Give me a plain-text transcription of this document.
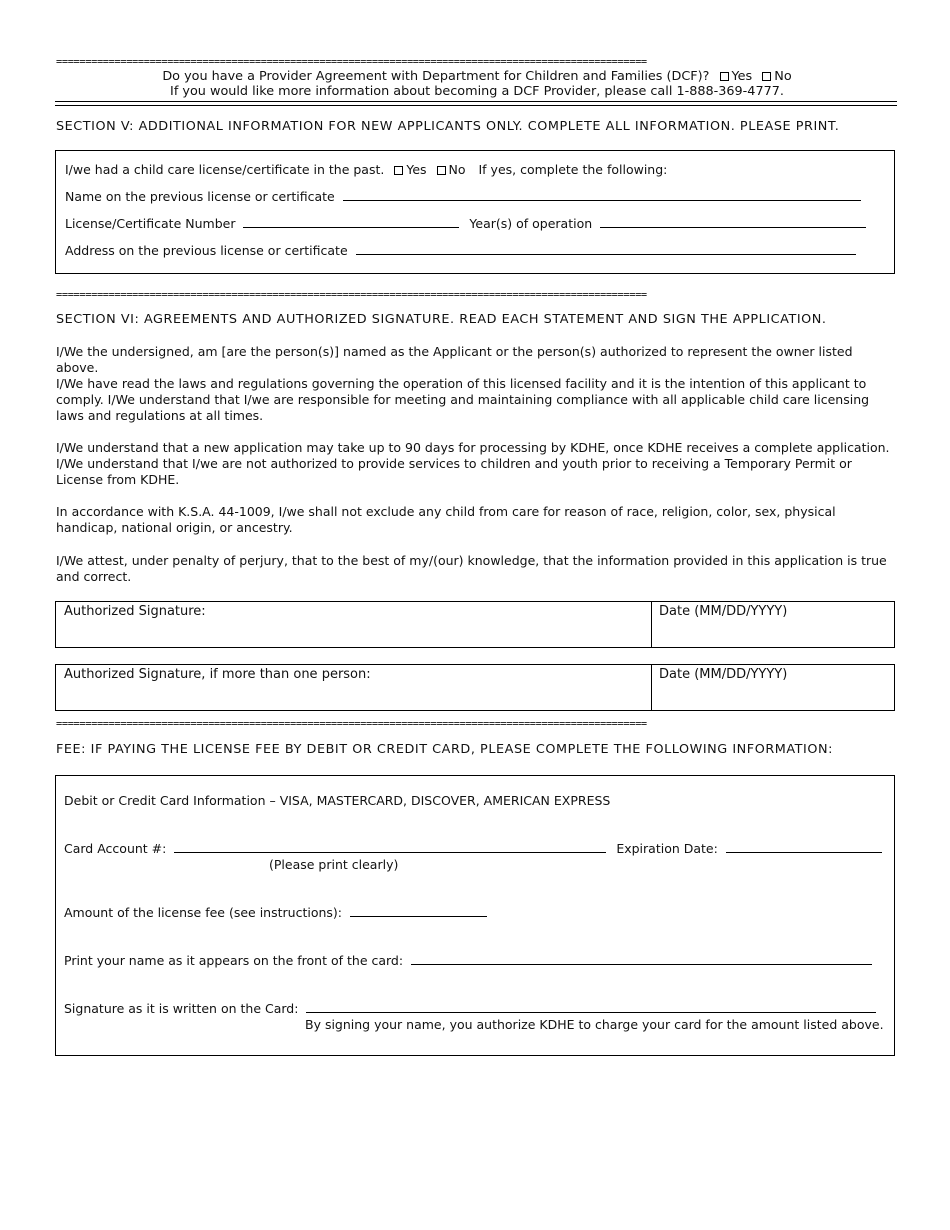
=====================================================================================================
Do you have a Provider Agreement with Department for Children and Families (DCF)? Yes No
If you would like more information about becoming a DCF Provider, please call 1-888-369-4777.
SECTION V: ADDITIONAL INFORMATION FOR NEW APPLICANTS ONLY. COMPLETE ALL INFORMATION. PLEASE PRINT.
I/we had a child care license/certificate in the past. Yes No If yes, complete the following:
Name on the previous license or certificate
License/Certificate Number	Year(s) of operation
Address on the previous license or certificate
=====================================================================================================
SECTION VI: AGREEMENTS AND AUTHORIZED SIGNATURE. READ EACH STATEMENT AND SIGN THE APPLICATION.
I/We the undersigned, am [are the person(s)] named as the Applicant or the person(s) authorized to represent the owner listed above.
I/We have read the laws and regulations governing the operation of this licensed facility and it is the intention of this applicant to comply. I/We understand that I/we are responsible for meeting and maintaining compliance with all applicable child care licensing laws and regulations at all times.
I/We understand that a new application may take up to 90 days for processing by KDHE, once KDHE receives a complete application. I/We understand that I/we are not authorized to provide services to children and youth prior to receiving a Temporary Permit or License from KDHE.
In accordance with K.S.A. 44-1009, I/we shall not exclude any child from care for reason of race, religion, color, sex, physical handicap, national origin, or ancestry.
I/We attest, under penalty of perjury, that to the best of my/(our) knowledge, that the information provided in this application is true and correct.
Authorized Signature:	Date (MM/DD/YYYY)
Authorized Signature, if more than one person:	Date (MM/DD/YYYY)
=====================================================================================================
FEE: IF PAYING THE LICENSE FEE BY DEBIT OR CREDIT CARD, PLEASE COMPLETE THE FOLLOWING INFORMATION:
Debit or Credit Card Information – VISA, MASTERCARD, DISCOVER, AMERICAN EXPRESS
Card Account #:	Expiration Date:
(Please print clearly)
Amount of the license fee (see instructions):
Print your name as it appears on the front of the card:
Signature as it is written on the Card:
By signing your name, you authorize KDHE to charge your card for the amount listed above.
